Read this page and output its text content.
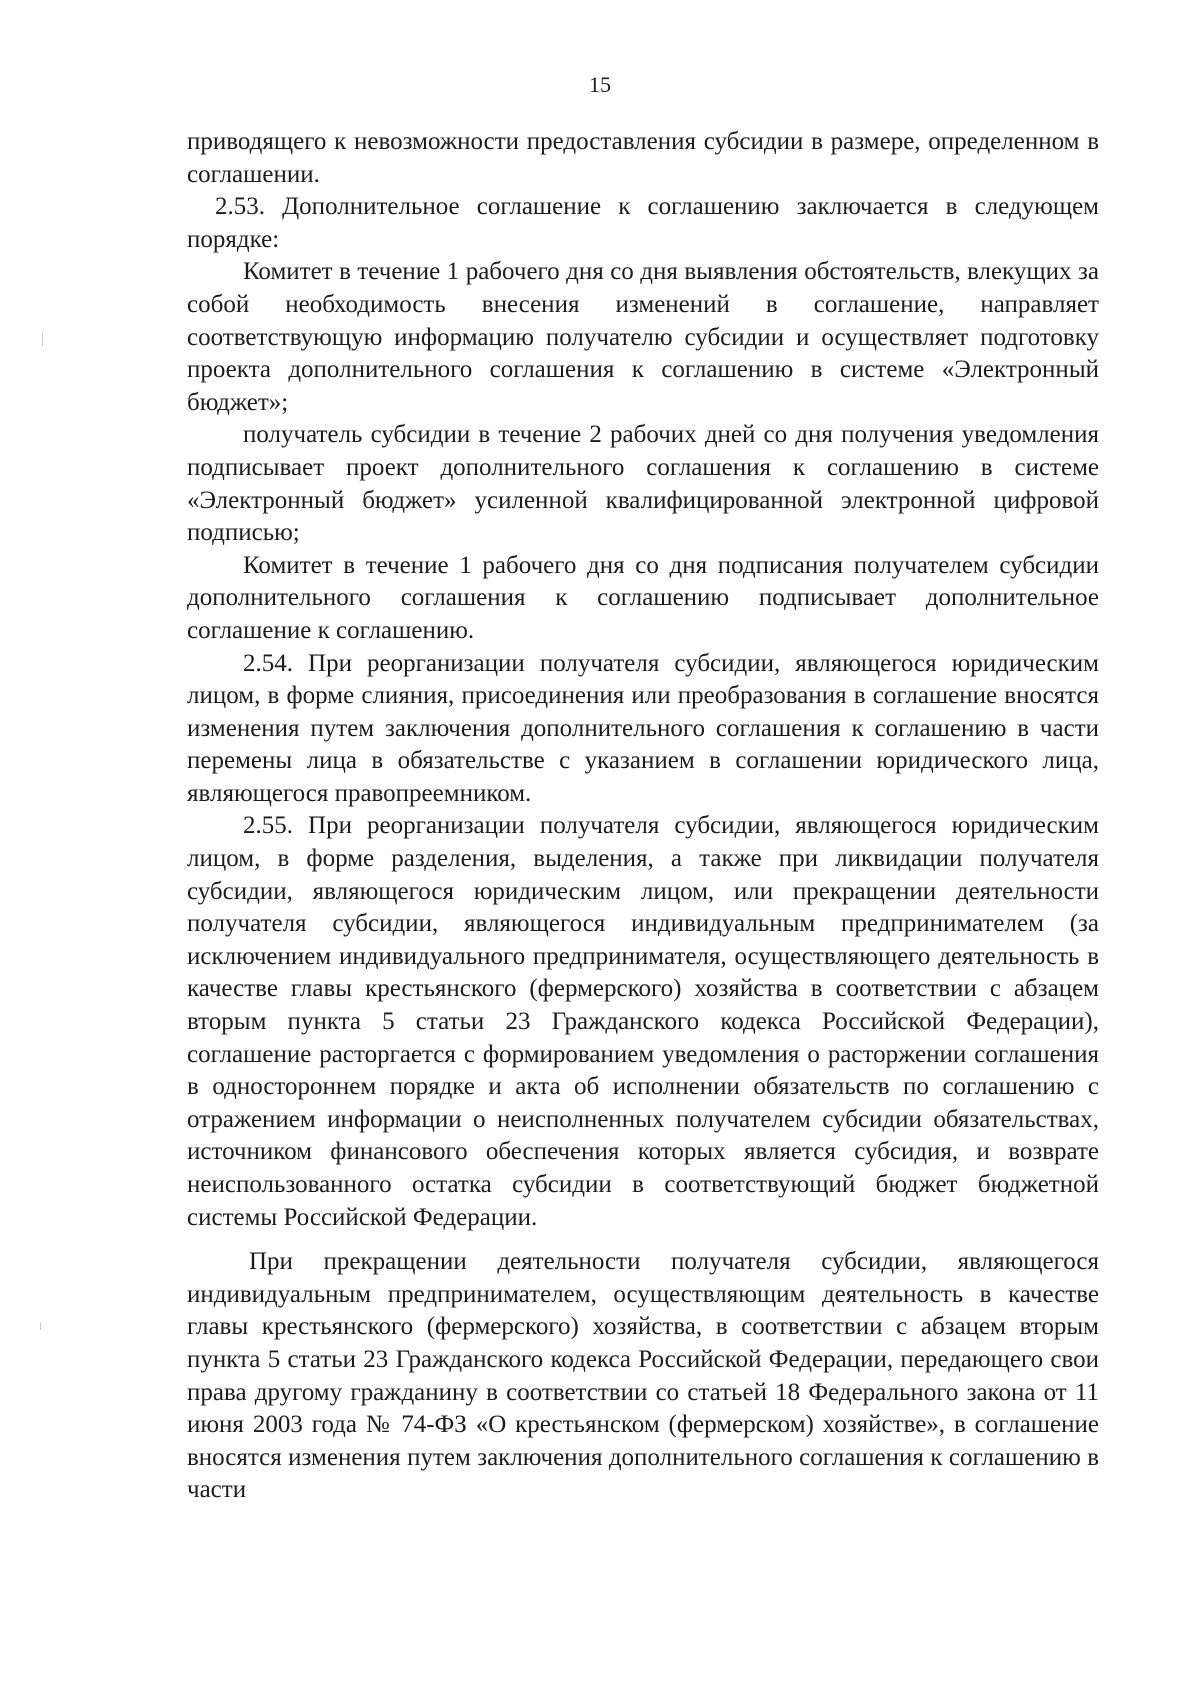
15

приводящего к невозможности предоставления субсидии в размере, определенном в соглашении.

2.53. Дополнительное соглашение к соглашению заключается в следующем порядке:

Комитет в течение 1 рабочего дня со дня выявления обстоятельств, влекущих за собой необходимость внесения изменений в соглашение, направляет соответствующую информацию получателю субсидии и осуществляет подготовку проекта дополнительного соглашения к соглашению в системе «Электронный бюджет»;

получатель субсидии в течение 2 рабочих дней со дня получения уведомления подписывает проект дополнительного соглашения к соглашению в системе «Электронный бюджет» усиленной квалифицированной электронной цифровой подписью;

Комитет в течение 1 рабочего дня со дня подписания получателем субсидии дополнительного соглашения к соглашению подписывает дополнительное соглашение к соглашению.

2.54. При реорганизации получателя субсидии, являющегося юридическим лицом, в форме слияния, присоединения или преобразования в соглашение вносятся изменения путем заключения дополнительного соглашения к соглашению в части перемены лица в обязательстве с указанием в соглашении юридического лица, являющегося правопреемником.

2.55. При реорганизации получателя субсидии, являющегося юридическим лицом, в форме разделения, выделения, а также при ликвидации получателя субсидии, являющегося юридическим лицом, или прекращении деятельности получателя субсидии, являющегося индивидуальным предпринимателем (за исключением индивидуального предпринимателя, осуществляющего деятельность в качестве главы крестьянского (фермерского) хозяйства в соответствии с абзацем вторым пункта 5 статьи 23 Гражданского кодекса Российской Федерации), соглашение расторгается с формированием уведомления о расторжении соглашения в одностороннем порядке и акта об исполнении обязательств по соглашению с отражением информации о неисполненных получателем субсидии обязательствах, источником финансового обеспечения которых является субсидия, и возврате неиспользованного остатка субсидии в соответствующий бюджет бюджетной системы Российской Федерации.

При прекращении деятельности получателя субсидии, являющегося индивидуальным предпринимателем, осуществляющим деятельность в качестве главы крестьянского (фермерского) хозяйства, в соответствии с абзацем вторым пункта 5 статьи 23 Гражданского кодекса Российской Федерации, передающего свои права другому гражданину в соответствии со статьей 18 Федерального закона от 11 июня 2003 года № 74-ФЗ «О крестьянском (фермерском) хозяйстве», в соглашение вносятся изменения путем заключения дополнительного соглашения к соглашению в части
